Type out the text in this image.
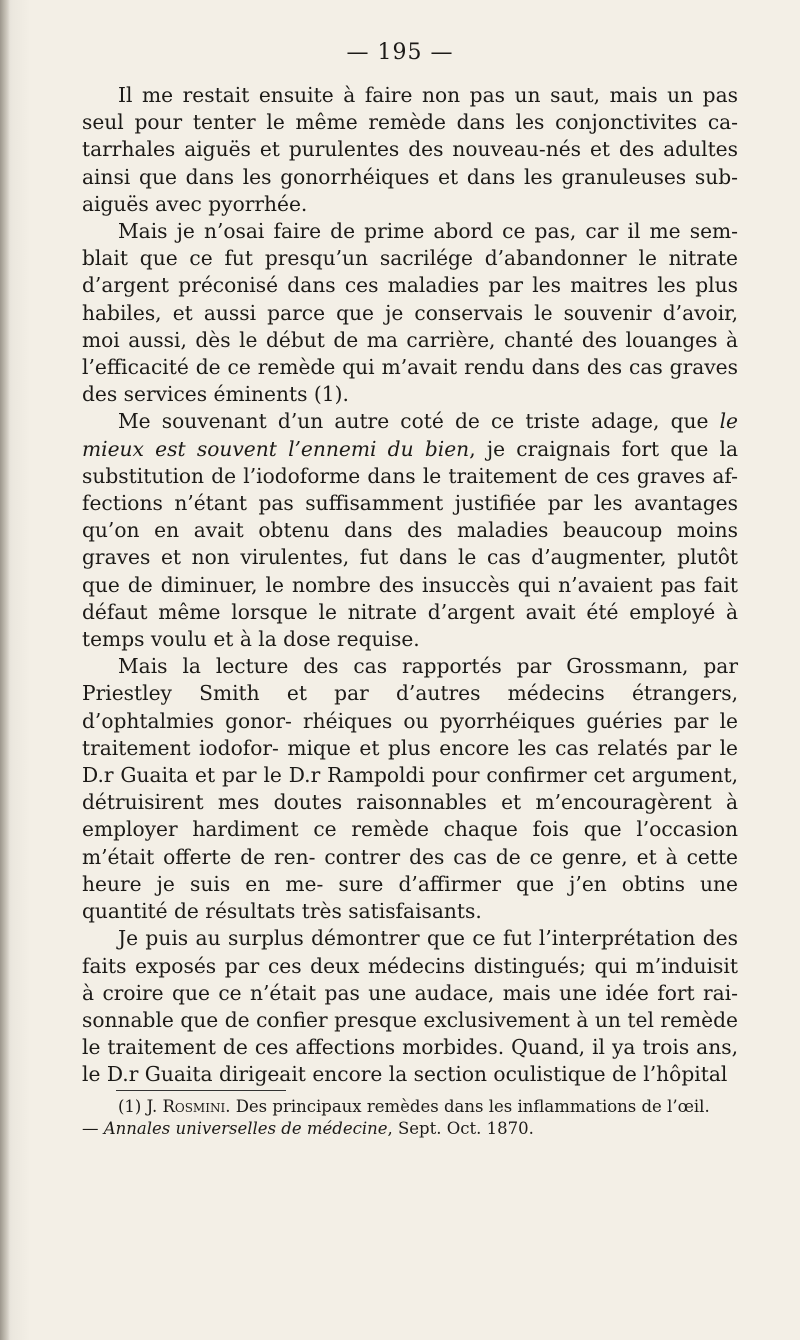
— 195 —

Il me restait ensuite à faire non pas un saut, mais un pas seul pour tenter le même remède dans les conjonctivites ca- tarrhales aiguës et purulentes des nouveau-nés et des adultes ainsi que dans les gonorrhéiques et dans les granuleuses sub- aiguës avec pyorrhée.

Mais je n’osai faire de prime abord ce pas, car il me sem- blait que ce fut presqu’un sacrilége d’abandonner le nitrate d’argent préconisé dans ces maladies par les maitres les plus habiles, et aussi parce que je conservais le souvenir d’avoir, moi aussi, dès le début de ma carrière, chanté des louanges à l’efficacité de ce remède qui m’avait rendu dans des cas graves des services éminents (1).

Me souvenant d’un autre coté de ce triste adage, que le mieux est souvent l’ennemi du bien, je craignais fort que la substitution de l’iodoforme dans le traitement de ces graves af- fections n’étant pas suffisamment justifiée par les avantages qu’on en avait obtenu dans des maladies beaucoup moins graves et non virulentes, fut dans le cas d’augmenter, plutôt que de diminuer, le nombre des insuccès qui n’avaient pas fait défaut même lorsque le nitrate d’argent avait été employé à temps voulu et à la dose requise.

Mais la lecture des cas rapportés par Grossmann, par Priestley Smith et par d’autres médecins étrangers, d’ophtalmies gonor- rhéiques ou pyorrhéiques guéries par le traitement iodofor- mique et plus encore les cas relatés par le D.r Guaita et par le D.r Rampoldi pour confirmer cet argument, détruisirent mes doutes raisonnables et m’encouragèrent à employer hardiment ce remède chaque fois que l’occasion m’était offerte de ren- contrer des cas de ce genre, et à cette heure je suis en me- sure d’affirmer que j’en obtins une quantité de résultats très satisfaisants.

Je puis au surplus démontrer que ce fut l’interprétation des faits exposés par ces deux médecins distingués; qui m’induisit à croire que ce n’était pas une audace, mais une idée fort rai- sonnable que de confier presque exclusivement à un tel remède le traitement de ces affections morbides. Quand, il ya trois ans, le D.r Guaita dirigeait encore la section oculistique de l’hôpital

(1) J. Rosmini. Des principaux remèdes dans les inflammations de l’œil.
— Annales universelles de médecine, Sept. Oct. 1870.
